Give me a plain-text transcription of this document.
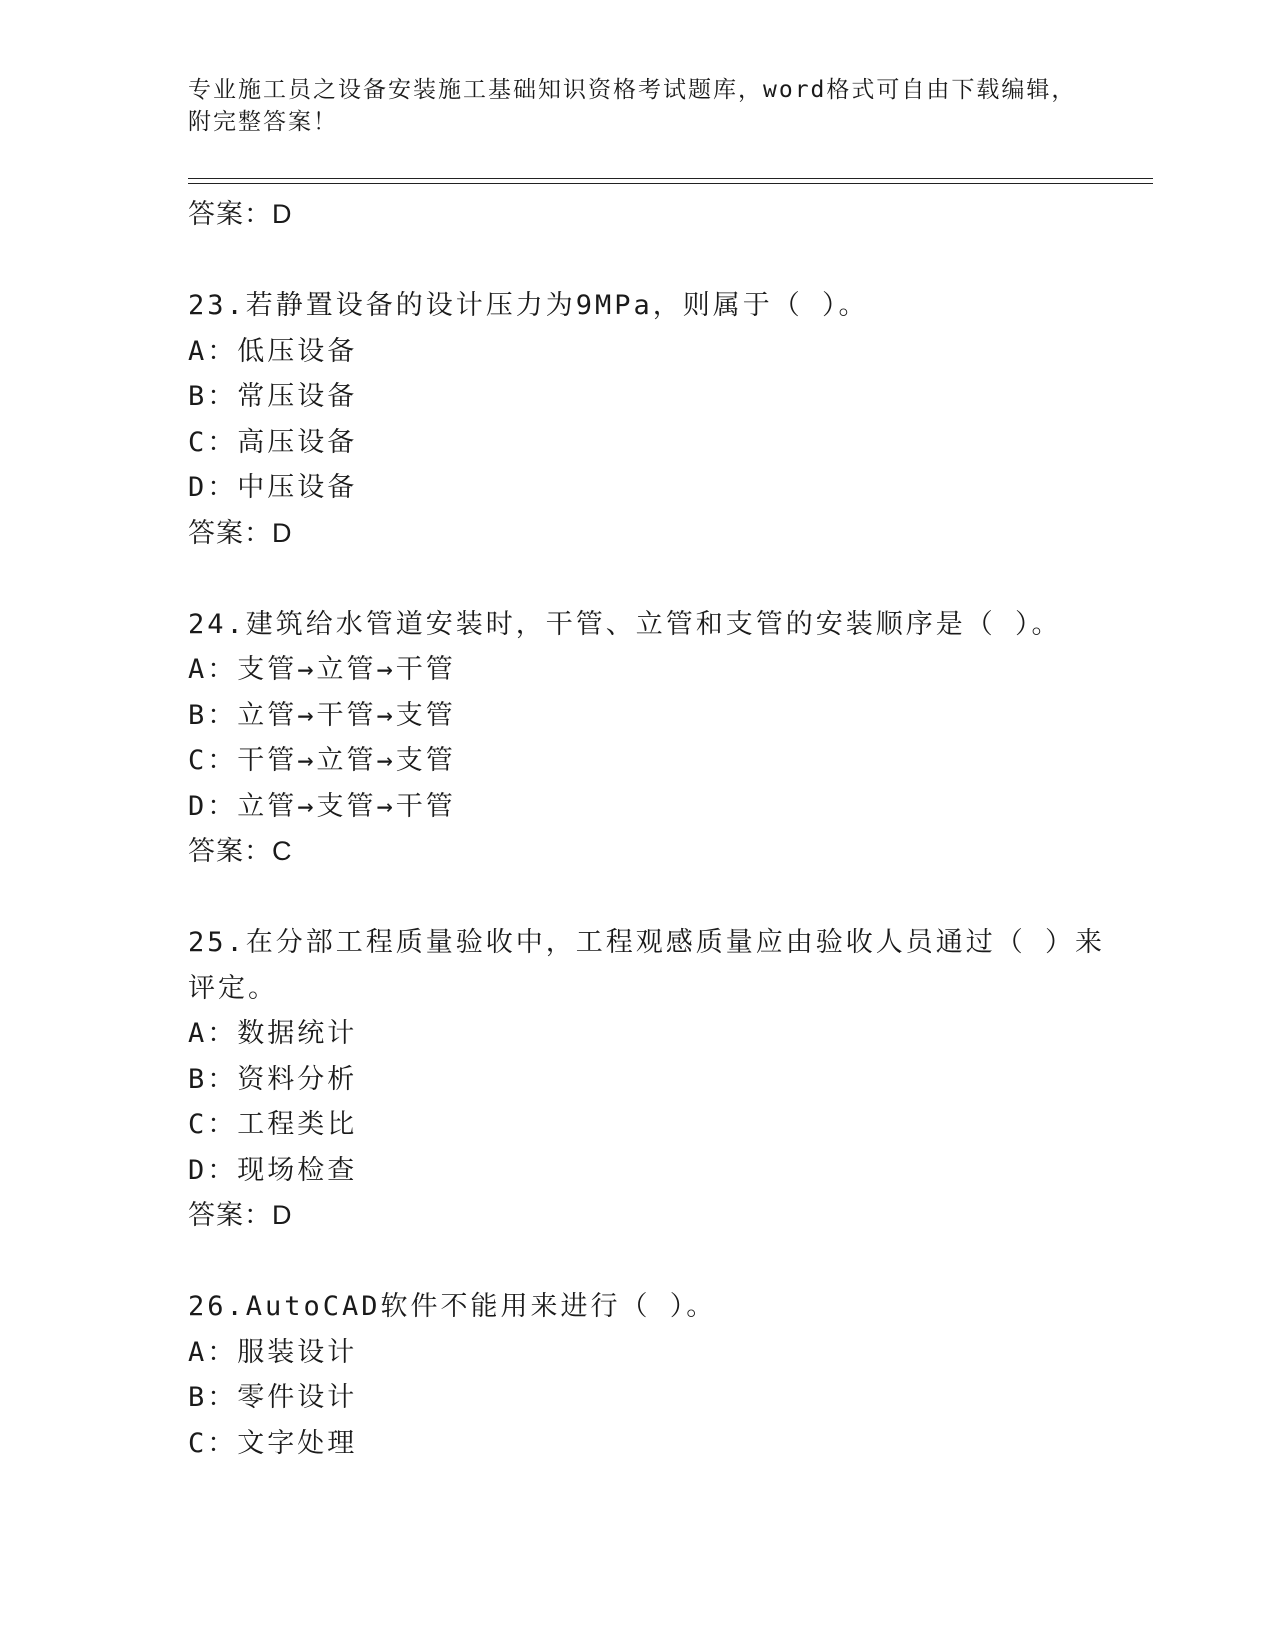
专业施工员之设备安装施工基础知识资格考试题库，word格式可自由下载编辑，
附完整答案！
答案：D
23.若静置设备的设计压力为9MPa，则属于（ ）。
A：低压设备
B：常压设备
C：高压设备
D：中压设备
答案：D
24.建筑给水管道安装时，干管、立管和支管的安装顺序是（ ）。
A：支管→立管→干管
B：立管→干管→支管
C：干管→立管→支管
D：立管→支管→干管
答案：C
25.在分部工程质量验收中，工程观感质量应由验收人员通过（ ）来
评定。
A：数据统计
B：资料分析
C：工程类比
D：现场检查
答案：D
26.AutoCAD软件不能用来进行（ ）。
A：服装设计
B：零件设计
C：文字处理
